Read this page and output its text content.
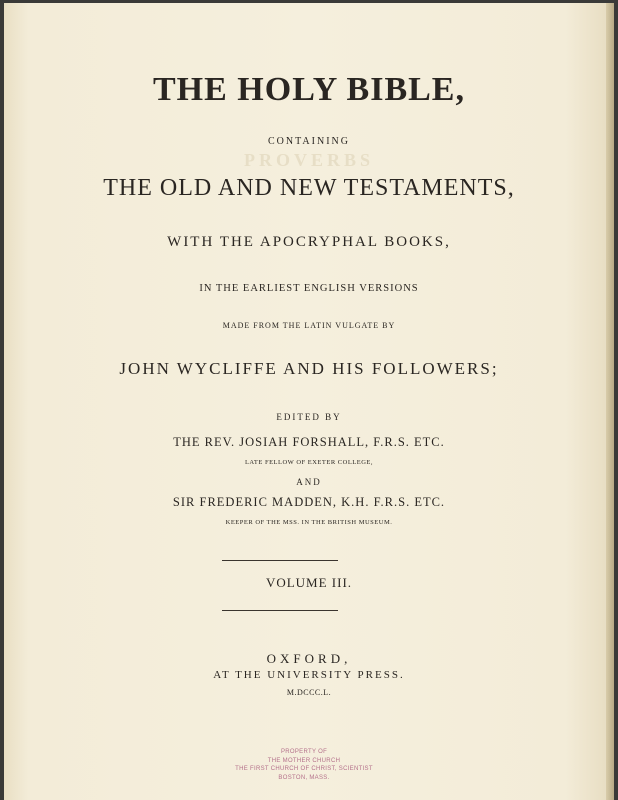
PROVERBS
THE HOLY BIBLE,
CONTAINING
THE OLD AND NEW TESTAMENTS,
WITH THE APOCRYPHAL BOOKS,
IN THE EARLIEST ENGLISH VERSIONS
MADE FROM THE LATIN VULGATE BY
JOHN WYCLIFFE AND HIS FOLLOWERS;
EDITED BY
THE REV. JOSIAH FORSHALL, F.R.S. ETC.
LATE FELLOW OF EXETER COLLEGE,
AND
SIR FREDERIC MADDEN, K.H. F.R.S. ETC.
KEEPER OF THE MSS. IN THE BRITISH MUSEUM.
VOLUME III.
OXFORD,
AT THE UNIVERSITY PRESS.
M.DCCC.L.
PROPERTY OF
THE MOTHER CHURCH
THE FIRST CHURCH OF CHRIST, SCIENTIST
BOSTON, MASS.
